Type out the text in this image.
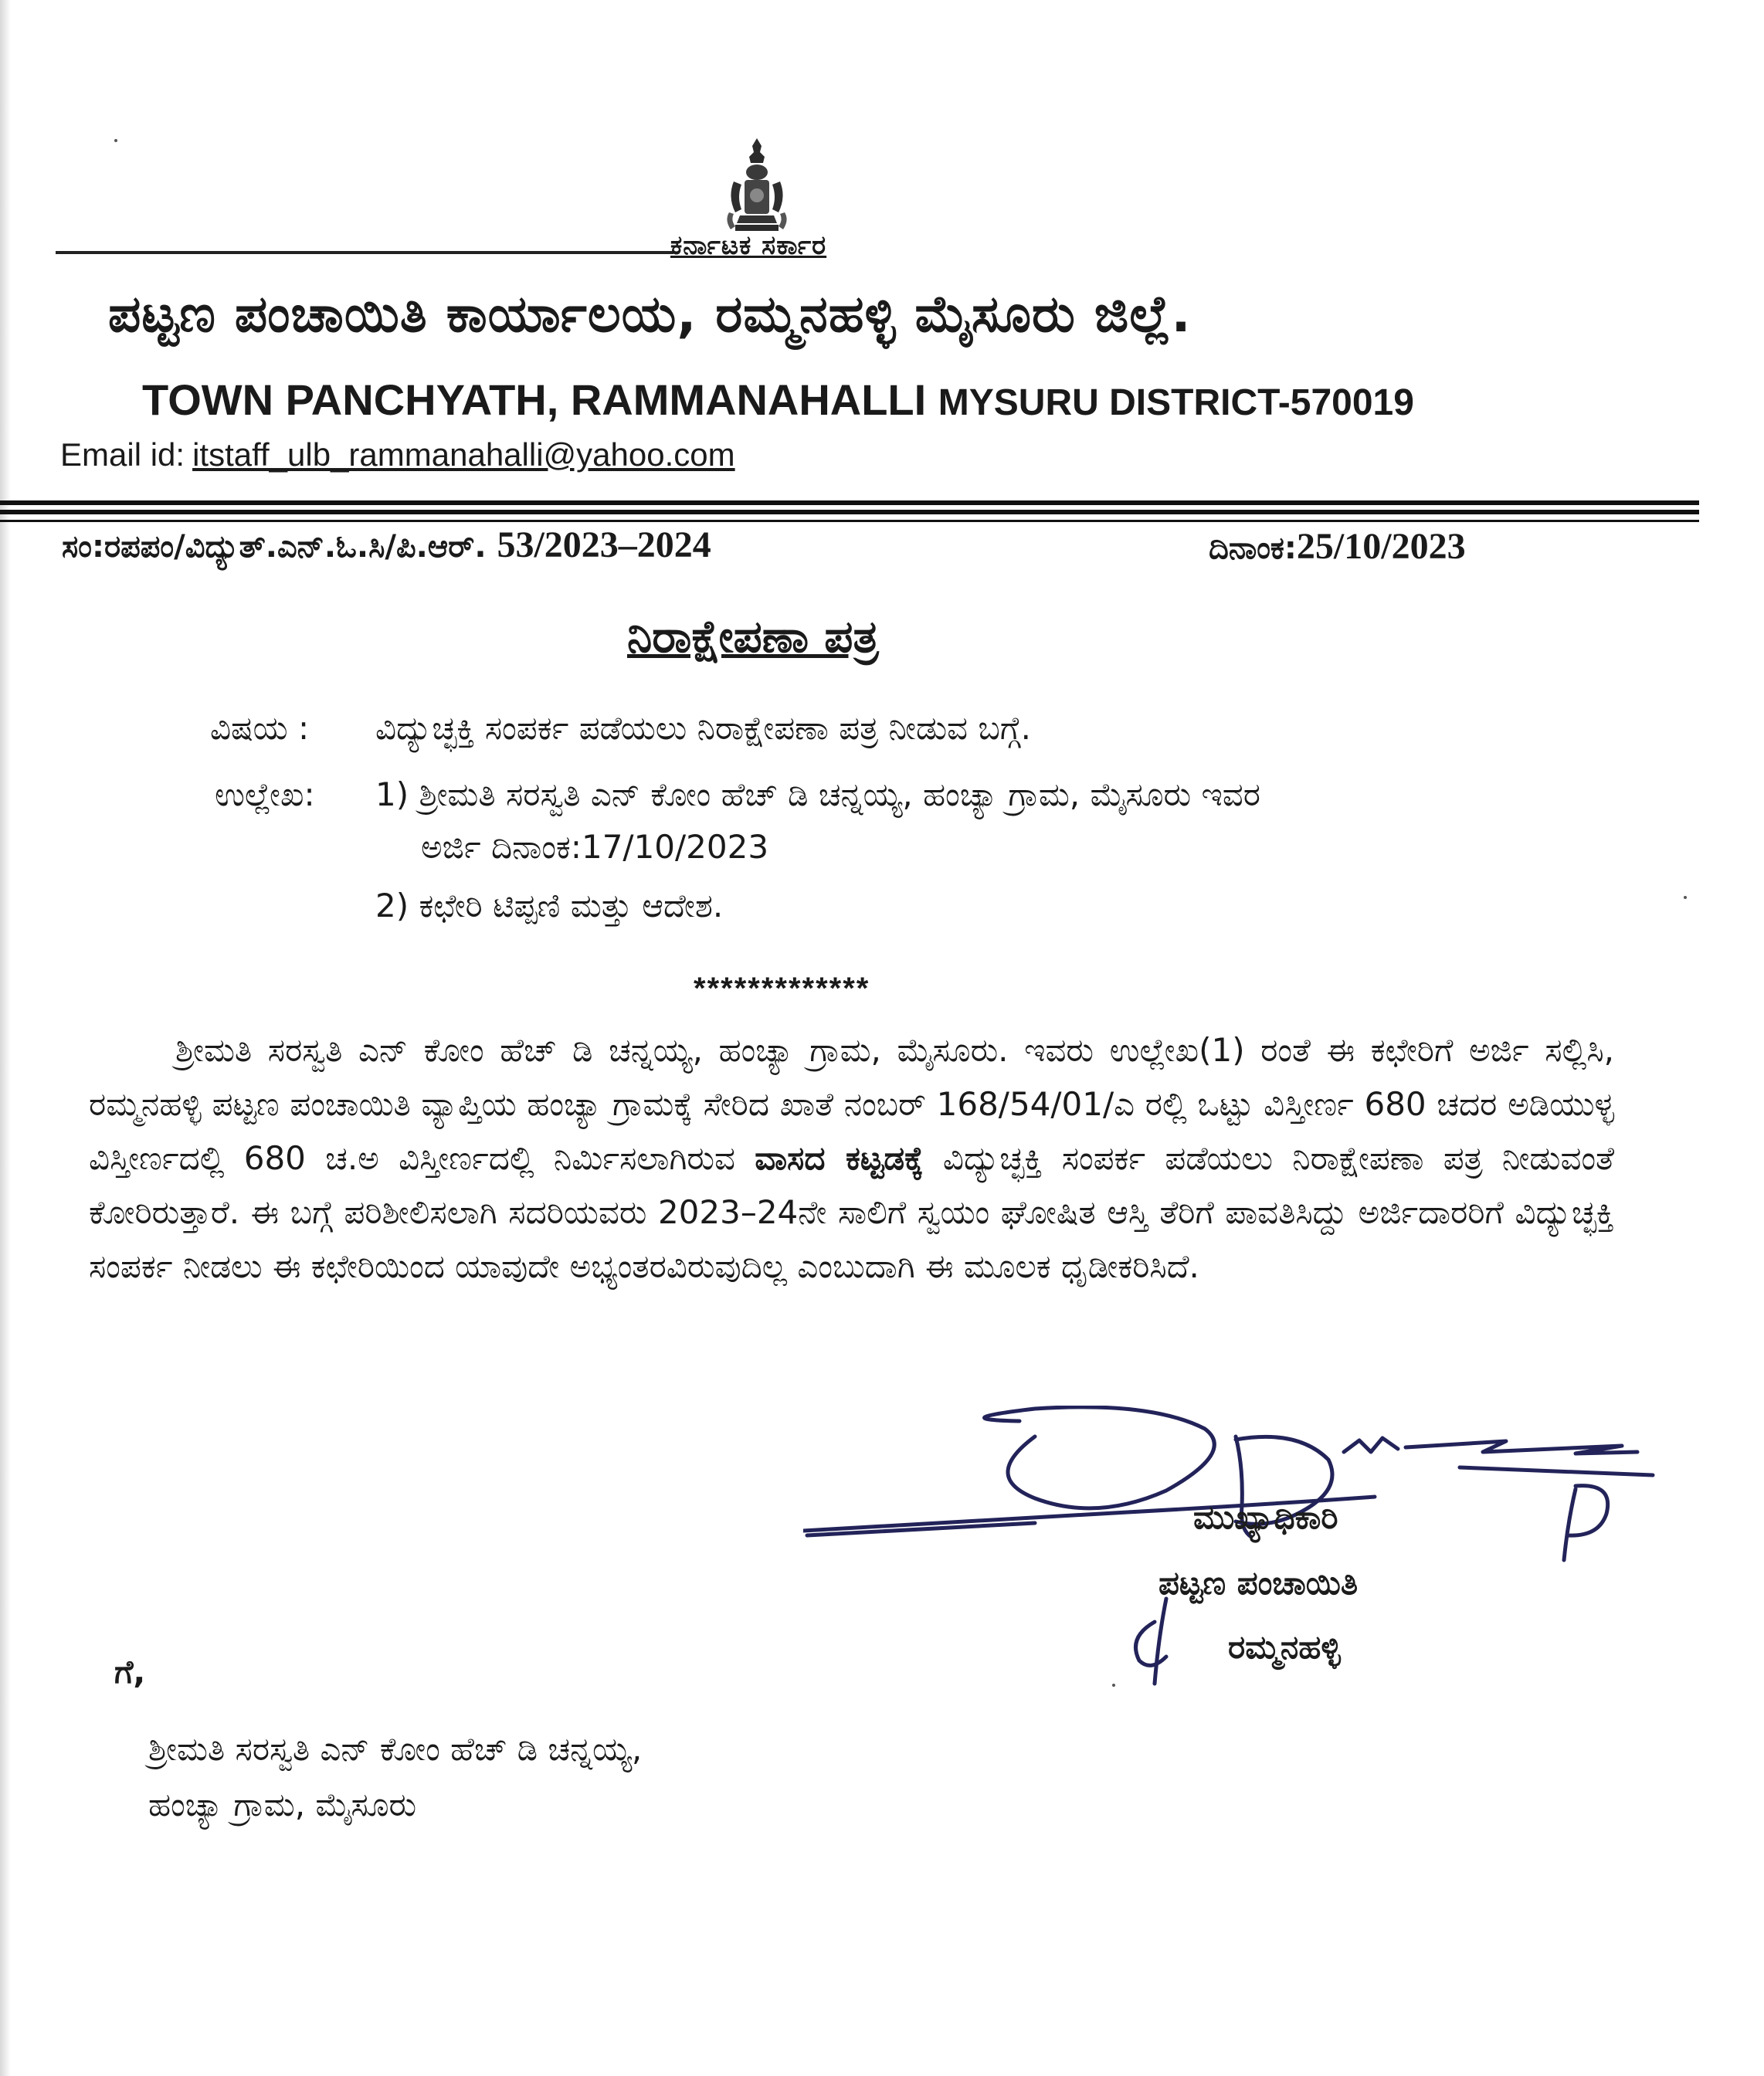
ಕರ್ನಾಟಕ ಸರ್ಕಾರ
ಪಟ್ಟಣ ಪಂಚಾಯಿತಿ ಕಾರ್ಯಾಲಯ, ರಮ್ಮನಹಳ್ಳಿ ಮೈಸೂರು ಜಿಲ್ಲೆ.
TOWN PANCHYATH, RAMMANAHALLI MYSURU DISTRICT-570019
Email id: itstaff_ulb_rammanahalli@yahoo.com
ಸಂ:ರಪಪಂ/ವಿದ್ಯುತ್.ಎನ್.ಓ.ಸಿ/ಪಿ.ಆರ್. 53/2023–2024	ದಿನಾಂಕ:25/10/2023
ನಿರಾಕ್ಷೇಪಣಾ ಪತ್ರ
ವಿಷಯ : ವಿದ್ಯುಚ್ಛಕ್ತಿ ಸಂಪರ್ಕ ಪಡೆಯಲು ನಿರಾಕ್ಷೇಪಣಾ ಪತ್ರ ನೀಡುವ ಬಗ್ಗೆ.
ಉಲ್ಲೇಖ: 1) ಶ್ರೀಮತಿ ಸರಸ್ವತಿ ಎನ್ ಕೋಂ ಹೆಚ್ ಡಿ ಚನ್ನಯ್ಯ, ಹಂಚ್ಯಾ ಗ್ರಾಮ, ಮೈಸೂರು ಇವರ
ಅರ್ಜಿ ದಿನಾಂಕ:17/10/2023
2) ಕಛೇರಿ ಟಿಪ್ಪಣಿ ಮತ್ತು ಆದೇಶ.
*************
ಶ್ರೀಮತಿ ಸರಸ್ವತಿ ಎನ್ ಕೋಂ ಹೆಚ್ ಡಿ ಚನ್ನಯ್ಯ, ಹಂಚ್ಯಾ ಗ್ರಾಮ, ಮೈಸೂರು. ಇವರು ಉಲ್ಲೇಖ(1) ರಂತೆ ಈ ಕಛೇರಿಗೆ ಅರ್ಜಿ ಸಲ್ಲಿಸಿ, ರಮ್ಮನಹಳ್ಳಿ ಪಟ್ಟಣ ಪಂಚಾಯಿತಿ ವ್ಯಾಪ್ತಿಯ ಹಂಚ್ಯಾ ಗ್ರಾಮಕ್ಕೆ ಸೇರಿದ ಖಾತೆ ನಂಬರ್ 168/54/01/ಎ ರಲ್ಲಿ ಒಟ್ಟು ವಿಸ್ತೀರ್ಣ 680 ಚದರ ಅಡಿಯುಳ್ಳ ವಿಸ್ತೀರ್ಣದಲ್ಲಿ 680 ಚ.ಅ ವಿಸ್ತೀರ್ಣದಲ್ಲಿ ನಿರ್ಮಿಸಲಾಗಿರುವ ವಾಸದ ಕಟ್ಟಡಕ್ಕೆ ವಿದ್ಯುಚ್ಛಕ್ತಿ ಸಂಪರ್ಕ ಪಡೆಯಲು ನಿರಾಕ್ಷೇಪಣಾ ಪತ್ರ ನೀಡುವಂತೆ ಕೋರಿರುತ್ತಾರೆ. ಈ ಬಗ್ಗೆ ಪರಿಶೀಲಿಸಲಾಗಿ ಸದರಿಯವರು 2023–24ನೇ ಸಾಲಿಗೆ ಸ್ವಯಂ ಘೋಷಿತ ಆಸ್ತಿ ತೆರಿಗೆ ಪಾವತಿಸಿದ್ದು ಅರ್ಜಿದಾರರಿಗೆ ವಿದ್ಯುಚ್ಛಕ್ತಿ ಸಂಪರ್ಕ ನೀಡಲು ಈ ಕಛೇರಿಯಿಂದ ಯಾವುದೇ ಅಭ್ಯಂತರವಿರುವುದಿಲ್ಲ ಎಂಬುದಾಗಿ ಈ ಮೂಲಕ ಧೃಡೀಕರಿಸಿದೆ.
ಮುಖ್ಯಾಧಿಕಾರಿ
ಪಟ್ಟಣ ಪಂಚಾಯಿತಿ
ರಮ್ಮನಹಳ್ಳಿ
ಗೆ,
ಶ್ರೀಮತಿ ಸರಸ್ವತಿ ಎನ್ ಕೋಂ ಹೆಚ್ ಡಿ ಚನ್ನಯ್ಯ,
ಹಂಚ್ಯಾ ಗ್ರಾಮ, ಮೈಸೂರು
